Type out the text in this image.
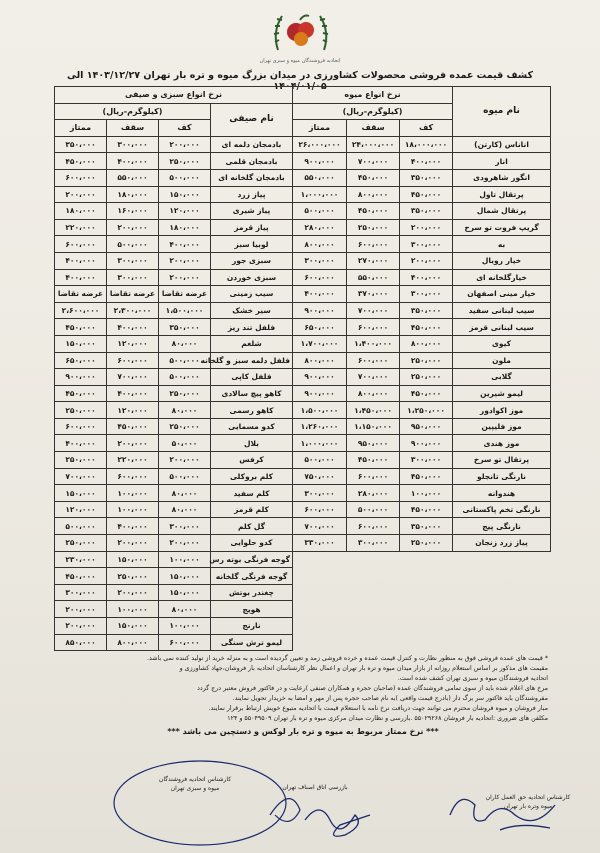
اتحادیه فروشندگان میوه و سبزی تهران
کشف قیمت عمده فروشی محصولات کشاورزی در میدان بزرگ میوه و تره بار تهران ۱۴۰۳/۱۲/۲۷ الی ۱۴۰۴/۰۱/۰۵
نام میوه	نرخ انواع میوه		
	(کیلوگرم-ریال)		
	کف	سقف	ممتاز
اناناس (کارتن)	۱۸،۰۰۰،۰۰۰	۲۴،۰۰۰،۰۰۰	۲۶،۰۰۰،۰۰۰
انار	۴۰۰،۰۰۰	۷۰۰،۰۰۰	۹۰۰،۰۰۰
انگور شاهرودی	۳۵۰،۰۰۰	۴۵۰،۰۰۰	۵۵۰،۰۰۰
پرتقال تاول	۴۵۰،۰۰۰	۸۰۰،۰۰۰	۱،۰۰۰،۰۰۰
پرتقال شمال	۳۵۰،۰۰۰	۴۵۰،۰۰۰	۵۰۰،۰۰۰
گریپ فروت تو سرخ	۲۰۰،۰۰۰	۲۵۰،۰۰۰	۲۸۰،۰۰۰
به	۳۰۰،۰۰۰	۶۰۰،۰۰۰	۸۰۰،۰۰۰
خیار رویال	۲۰۰،۰۰۰	۲۷۰،۰۰۰	۳۰۰،۰۰۰
خیارگلخانه ای	۴۰۰،۰۰۰	۵۵۰،۰۰۰	۶۰۰،۰۰۰
خیار مینی اصفهان	۳۰۰،۰۰۰	۳۷۰،۰۰۰	۴۰۰،۰۰۰
سیب لبنانی سفید	۳۵۰،۰۰۰	۷۰۰،۰۰۰	۹۰۰،۰۰۰
سیب لبنانی قرمز	۴۵۰،۰۰۰	۶۰۰،۰۰۰	۶۵۰،۰۰۰
کیوی	۸۰۰،۰۰۰	۱،۴۰۰،۰۰۰	۱،۷۰۰،۰۰۰
ملون	۲۵۰،۰۰۰	۶۰۰،۰۰۰	۸۰۰،۰۰۰
گلابی	۲۵۰،۰۰۰	۷۰۰،۰۰۰	۹۰۰،۰۰۰
لیمو شیرین	۴۵۰،۰۰۰	۸۰۰،۰۰۰	۹۰۰،۰۰۰
موز اکوادور	۱،۲۵۰،۰۰۰	۱،۴۵۰،۰۰۰	۱،۵۰۰،۰۰۰
موز فلیپین	۹۵۰،۰۰۰	۱،۱۵۰،۰۰۰	۱،۲۶۰،۰۰۰
موز هندی	۹۰۰،۰۰۰	۹۵۰،۰۰۰	۱،۰۰۰،۰۰۰
پرتقال تو سرخ	۳۰۰،۰۰۰	۴۵۰،۰۰۰	۵۰۰،۰۰۰
نارنگی تانجلو	۴۵۰،۰۰۰	۶۰۰،۰۰۰	۷۵۰،۰۰۰
هندوانه	۱۰۰،۰۰۰	۲۸۰،۰۰۰	۳۰۰،۰۰۰
نارنگی تخم پاکستانی	۴۵۰،۰۰۰	۵۰۰،۰۰۰	۶۰۰،۰۰۰
نارنگی پیج	۳۵۰،۰۰۰	۶۰۰،۰۰۰	۷۰۰،۰۰۰
پیاز زرد زنجان	۲۵۰،۰۰۰	۳۰۰،۰۰۰	۳۳۰،۰۰۰
نرخ انواع سبزی و صیفی			
نام صیفی	(کیلوگرم-ریال)		
	کف	سقف	ممتاز
بادمجان دلمه ای	۲۰۰،۰۰۰	۳۰۰،۰۰۰	۳۵۰،۰۰۰
بادمجان قلمی	۲۵۰،۰۰۰	۴۰۰،۰۰۰	۴۵۰،۰۰۰
بادمجان گلخانه ای	۵۰۰،۰۰۰	۵۵۰،۰۰۰	۶۰۰،۰۰۰
پیاز زرد	۱۵۰،۰۰۰	۱۸۰،۰۰۰	۲۰۰،۰۰۰
پیاز شیری	۱۲۰،۰۰۰	۱۶۰،۰۰۰	۱۸۰،۰۰۰
پیاز قرمز	۱۸۰،۰۰۰	۲۰۰،۰۰۰	۲۲۰،۰۰۰
لوبیا سبز	۴۰۰،۰۰۰	۵۰۰،۰۰۰	۶۰۰،۰۰۰
سبزی جور	۲۰۰،۰۰۰	۳۰۰،۰۰۰	۴۰۰،۰۰۰
سبزی خوردن	۲۰۰،۰۰۰	۳۰۰،۰۰۰	۴۰۰،۰۰۰
سیب زمینی	عرضه تقاضا	عرضه تقاضا	عرضه تقاضا
سیر خشک	۱،۵۰۰،۰۰۰	۲،۳۰۰،۰۰۰	۲،۶۰۰،۰۰۰
فلفل تند ریز	۳۵۰،۰۰۰	۴۰۰،۰۰۰	۴۵۰،۰۰۰
شلغم	۸۰،۰۰۰	۱۲۰،۰۰۰	۱۵۰،۰۰۰
فلفل دلمه سبز و گلخانه	۵۰۰،۰۰۰	۶۰۰،۰۰۰	۶۵۰،۰۰۰
فلفل کاپی	۵۰۰،۰۰۰	۷۰۰،۰۰۰	۹۰۰،۰۰۰
کاهو پیچ سالادی	۲۵۰،۰۰۰	۴۰۰،۰۰۰	۴۵۰،۰۰۰
کاهو رسمی	۸۰،۰۰۰	۱۲۰،۰۰۰	۲۵۰،۰۰۰
کدو مسمایی	۲۵۰،۰۰۰	۴۵۰،۰۰۰	۶۰۰،۰۰۰
بلال	۵۰،۰۰۰	۲۰۰،۰۰۰	۴۰۰،۰۰۰
کرفس	۲۰۰،۰۰۰	۲۲۰،۰۰۰	۲۵۰،۰۰۰
کلم بروکلی	۵۰۰،۰۰۰	۶۰۰،۰۰۰	۷۰۰،۰۰۰
کلم سفید	۸۰،۰۰۰	۱۰۰،۰۰۰	۱۵۰،۰۰۰
کلم قرمز	۸۰،۰۰۰	۱۰۰،۰۰۰	۱۲۰،۰۰۰
گل کلم	۳۰۰،۰۰۰	۴۰۰،۰۰۰	۵۰۰،۰۰۰
کدو حلوایی	۲۰۰،۰۰۰	۲۰۰،۰۰۰	۲۵۰،۰۰۰
گوجه فرنگی بوته رس	۱۰۰،۰۰۰	۱۵۰،۰۰۰	۲۳۰،۰۰۰
گوجه فرنگی گلخانه	۱۵۰،۰۰۰	۲۵۰،۰۰۰	۴۵۰،۰۰۰
چغندر بوتش	۱۵۰،۰۰۰	۲۰۰،۰۰۰	۳۰۰،۰۰۰
هویج	۸۰،۰۰۰	۱۰۰،۰۰۰	۲۰۰،۰۰۰
نارنج	۱۰۰،۰۰۰	۱۵۰،۰۰۰	۲۰۰،۰۰۰
لیمو ترش سنگی	۶۰۰،۰۰۰	۸۰۰،۰۰۰	۸۵۰،۰۰۰

* قیمت های عمده فروشی فوق به منظور نظارت و کنترل قیمت عمده و خرده فروشی زمد و تعیین گردیده است و به منزله خرید از تولید کننده نمی باشد.

مقیمت های مذکور بر اساس استعلام روزانه از بازار میدان میوه و تره بار تهران و اعمال نظر کارشناسان اتحادیه بار فروشان،جهاد کشاورزی و

اتحادیه فروشندگان میوه و سبزی تهران کشف شده است.

مرخ های اعلام شده باید از سوی تمامی فروشندگان عمده (صاحبان حجره و همکاران صنفی )رعایت و در فاکتور فروش معتبر درج گردد

مفروشندگان باید فاکتور سر برگ دار (بادرج قیمت واقعی )به نام صاحب حجره پس از مهر و امضا به خریدار تحویل نمایند.

مبار فروشان و میوه فروشان محترم می توانند جهت دریافت نرخ نامه با استعلام قیمت با اتحادیه متبوع خویش ارتباط برقرار نمایند.

مکلفن های ضروری :اتحادیه بار فروشان ۵۵۰۲۹۲۶۸ .بازرسی و نظارت میدان مرکزی میوه و تره بار تهران ۵۵۰۴۹۵۰۹ و ۱۲۴

*** نرخ ممتاز مربوط به میوه و تره بار لوکس و دستچین می باشد ***

کارشناس اتحادیه فروشندگان
میوه و سبزی تهران	بازرسی اتاق اصناف تهران
کارشناس اتحادیه حق العمل کاران
میوه وتره بار تهران
